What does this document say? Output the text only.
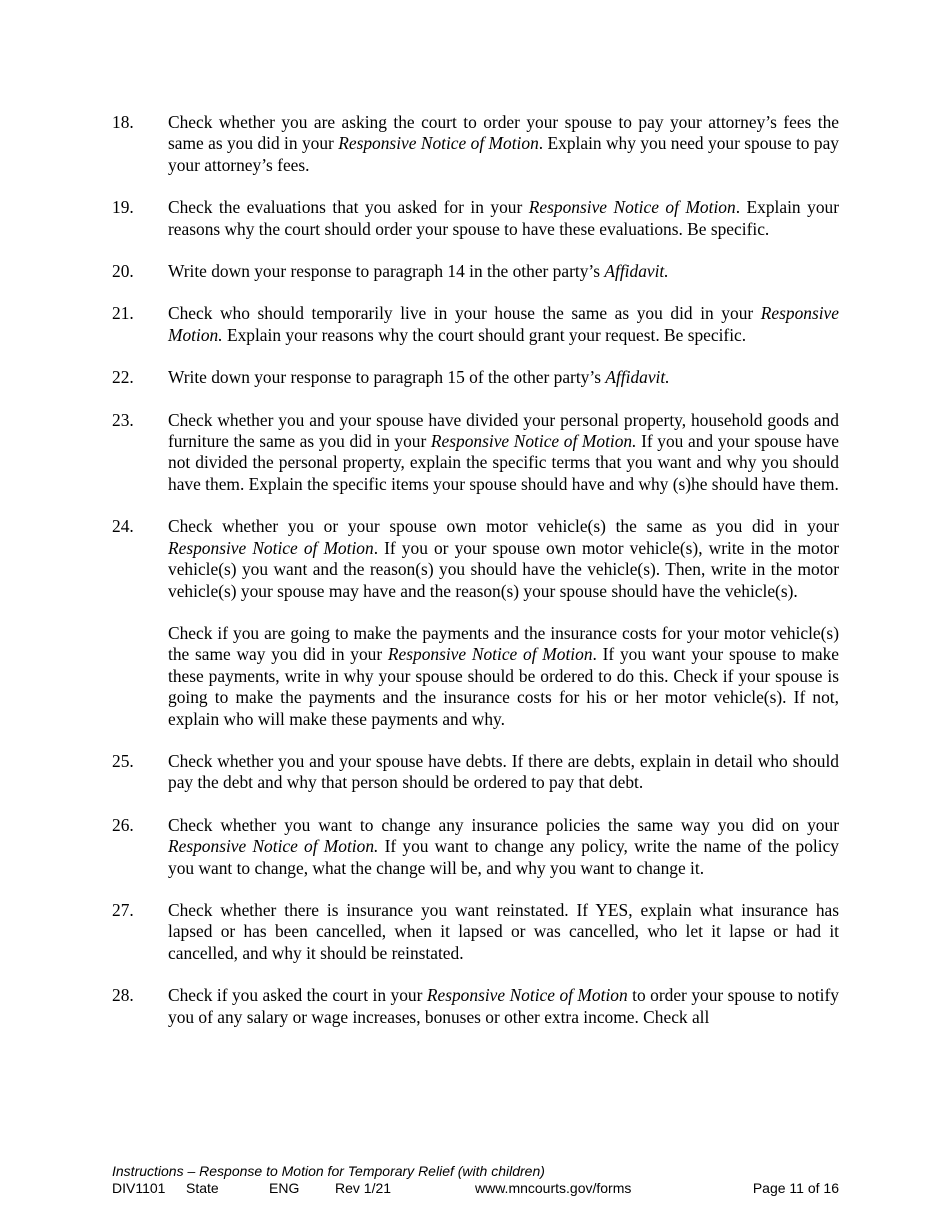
18. Check whether you are asking the court to order your spouse to pay your attorney’s fees the same as you did in your Responsive Notice of Motion. Explain why you need your spouse to pay your attorney’s fees.

19. Check the evaluations that you asked for in your Responsive Notice of Motion. Explain your reasons why the court should order your spouse to have these evaluations. Be specific.

20. Write down your response to paragraph 14 in the other party’s Affidavit.

21. Check who should temporarily live in your house the same as you did in your Responsive Motion. Explain your reasons why the court should grant your request. Be specific.

22. Write down your response to paragraph 15 of the other party’s Affidavit.

23. Check whether you and your spouse have divided your personal property, household goods and furniture the same as you did in your Responsive Notice of Motion. If you and your spouse have not divided the personal property, explain the specific terms that you want and why you should have them. Explain the specific items your spouse should have and why (s)he should have them.

24. Check whether you or your spouse own motor vehicle(s) the same as you did in your Responsive Notice of Motion. If you or your spouse own motor vehicle(s), write in the motor vehicle(s) you want and the reason(s) you should have the vehicle(s). Then, write in the motor vehicle(s) your spouse may have and the reason(s) your spouse should have the vehicle(s).

Check if you are going to make the payments and the insurance costs for your motor vehicle(s) the same way you did in your Responsive Notice of Motion. If you want your spouse to make these payments, write in why your spouse should be ordered to do this. Check if your spouse is going to make the payments and the insurance costs for his or her motor vehicle(s). If not, explain who will make these payments and why.

25. Check whether you and your spouse have debts. If there are debts, explain in detail who should pay the debt and why that person should be ordered to pay that debt.

26. Check whether you want to change any insurance policies the same way you did on your Responsive Notice of Motion. If you want to change any policy, write the name of the policy you want to change, what the change will be, and why you want to change it.

27. Check whether there is insurance you want reinstated. If YES, explain what insurance has lapsed or has been cancelled, when it lapsed or was cancelled, who let it lapse or had it cancelled, and why it should be reinstated.

28. Check if you asked the court in your Responsive Notice of Motion to order your spouse to notify you of any salary or wage increases, bonuses or other extra income. Check all

Instructions – Response to Motion for Temporary Relief (with children)
DIV1101 State	ENG	Rev 1/21	www.mncourts.gov/forms	Page 11 of 16
